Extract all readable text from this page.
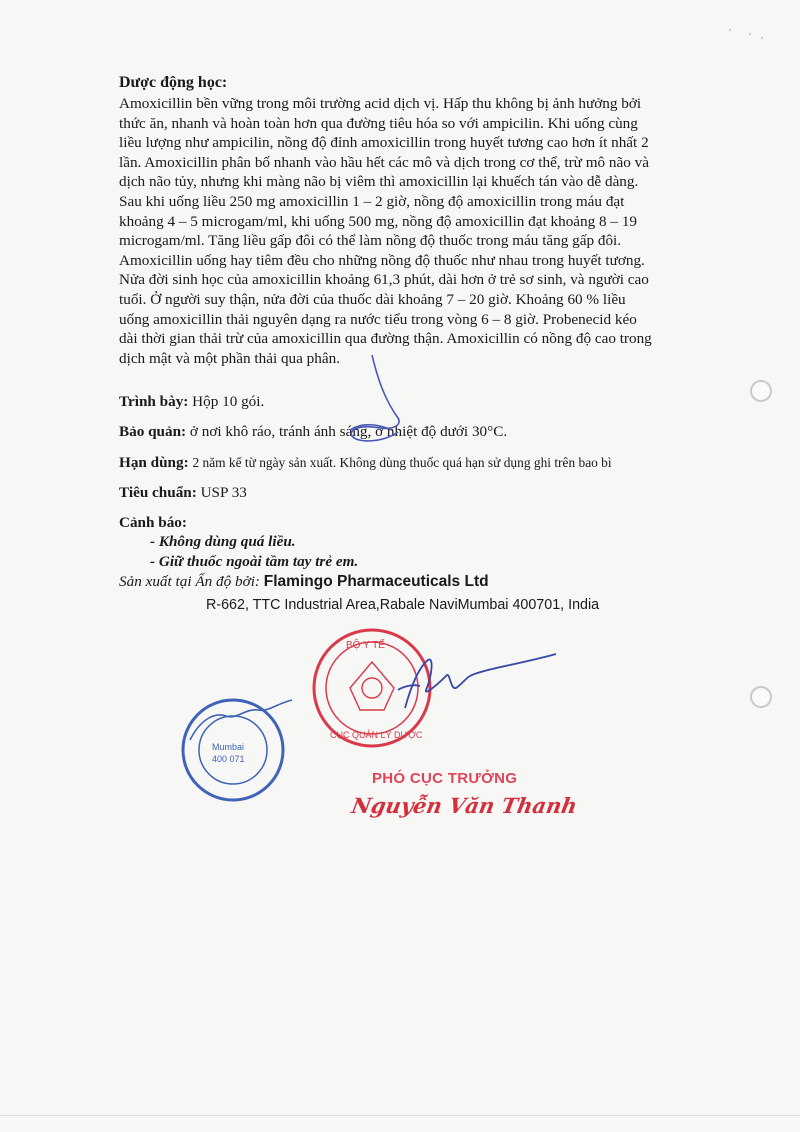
Dược động học:
Amoxicillin bền vững trong môi trường acid dịch vị. Hấp thu không bị ảnh hưởng bởi
thức ăn, nhanh và hoàn toàn hơn qua đường tiêu hóa so với ampicilin. Khi uống cùng
liều lượng như ampicilin, nồng độ đỉnh amoxicillin trong huyết tương cao hơn ít nhất 2
lần. Amoxicillin phân bố nhanh vào hầu hết các mô và dịch trong cơ thể, trừ mô não và
dịch não tủy, nhưng khi màng não bị viêm thì amoxicillin lại khuếch tán vào dễ dàng.
Sau khi uống liều 250 mg amoxicillin 1 – 2 giờ, nồng độ amoxicillin trong máu đạt
khoảng 4 – 5 microgam/ml, khi uống 500 mg, nồng độ amoxicillin đạt khoảng 8 – 19
microgam/ml. Tăng liều gấp đôi có thể làm nồng độ thuốc trong máu tăng gấp đôi.
Amoxicillin uống hay tiêm đều cho những nồng độ thuốc như nhau trong huyết tương.
Nửa đời sinh học của amoxicillin khoảng 61,3 phút, dài hơn ở trẻ sơ sinh, và người cao
tuổi. Ở người suy thận, nửa đời của thuốc dài khoảng 7 – 20 giờ. Khoảng 60 % liều
uống amoxicillin thải nguyên dạng ra nước tiểu trong vòng 6 – 8 giờ. Probenecid kéo
dài thời gian thải trừ của amoxicillin qua đường thận. Amoxicillin có nồng độ cao trong
dịch mật và một phần thải qua phân.
Trình bày: Hộp 10 gói.
Bảo quản: ở nơi khô ráo, tránh ánh sáng, ở nhiệt độ dưới 30°C.
Hạn dùng: 2 năm kể từ ngày sản xuất. Không dùng thuốc quá hạn sử dụng ghi trên bao bì
Tiêu chuẩn: USP 33
Cảnh báo:
- Không dùng quá liều.
- Giữ thuốc ngoài tầm tay trẻ em.
Sản xuất tại Ấn độ bởi: Flamingo Pharmaceuticals Ltd
R-662, TTC Industrial Area,Rabale NaviMumbai 400701, India
BỘ Y TẾ
CỤC QUẢN LÝ DƯỢC
Mumbai
400 071
PHÓ CỤC TRƯỞNG
Nguyễn Văn Thanh
